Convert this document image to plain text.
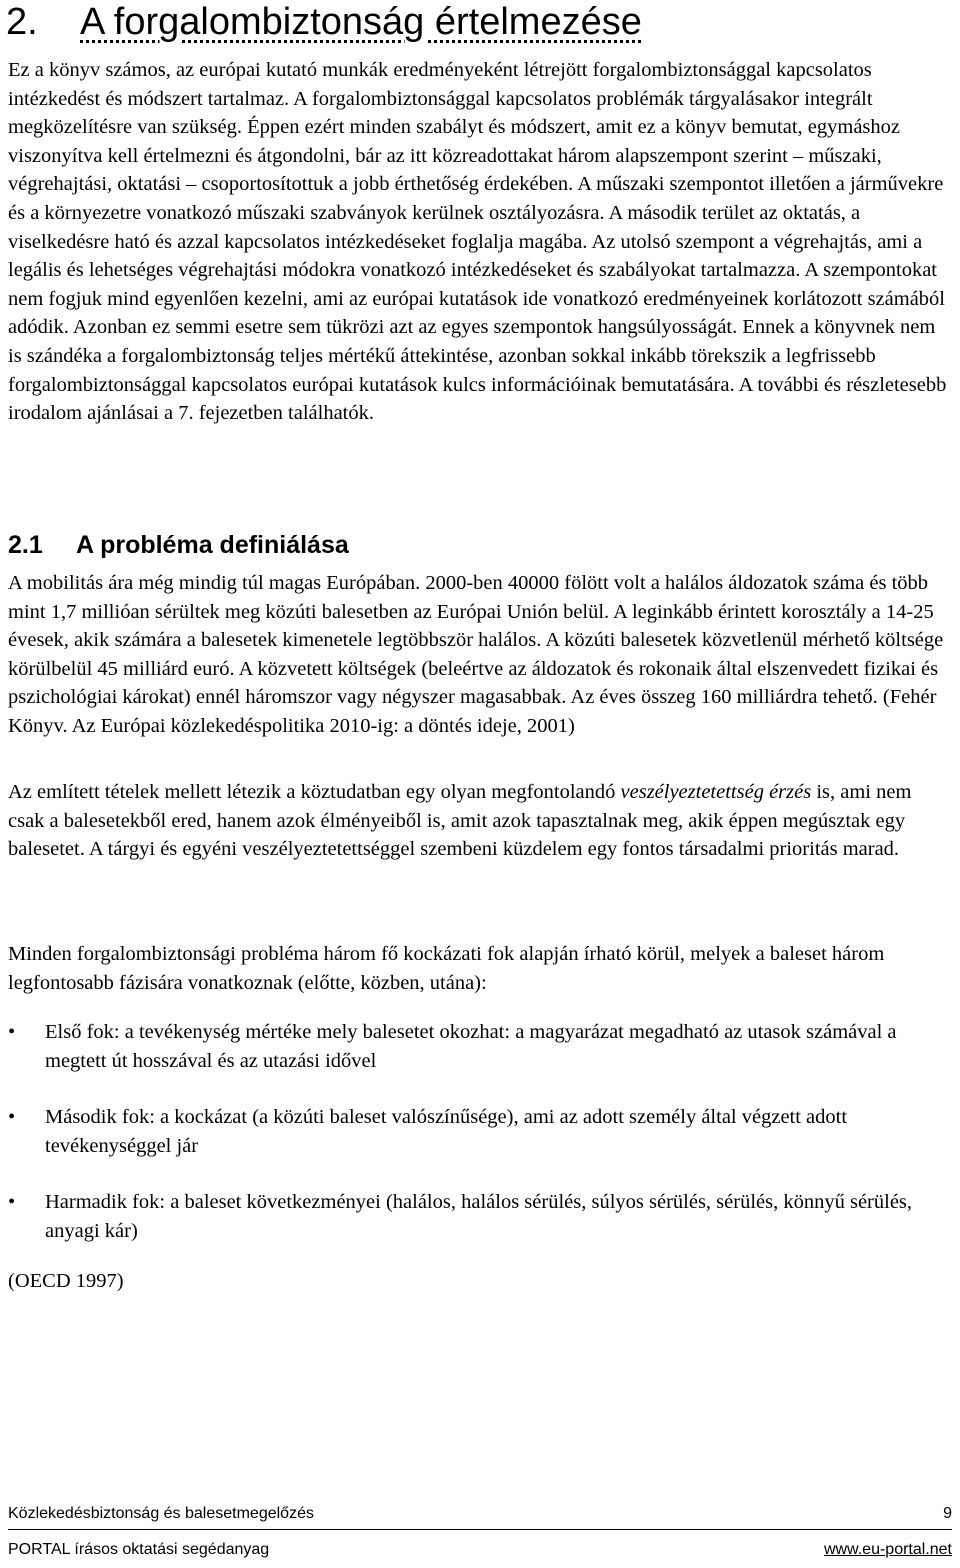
2. A forgalombiztonság értelmezése

Ez a könyv számos, az európai kutató munkák eredményeként létrejött forgalombiztonsággal kapcsolatos intézkedést és módszert tartalmaz. A forgalombiztonsággal kapcsolatos problémák tárgyalásakor integrált megközelítésre van szükség. Éppen ezért minden szabályt és módszert, amit ez a könyv bemutat, egymáshoz viszonyítva kell értelmezni és átgondolni, bár az itt közreadottakat három alapszempont szerint – műszaki, végrehajtási, oktatási – csoportosítottuk a jobb érthetőség érdekében. A műszaki szempontot illetően a járművekre és a környezetre vonatkozó műszaki szabványok kerülnek osztályozásra. A második terület az oktatás, a viselkedésre ható és azzal kapcsolatos intézkedéseket foglalja magába. Az utolsó szempont a végrehajtás, ami a legális és lehetséges végrehajtási módokra vonatkozó intézkedéseket és szabályokat tartalmazza. A szempontokat nem fogjuk mind egyenlően kezelni, ami az európai kutatások ide vonatkozó eredményeinek korlátozott számából adódik. Azonban ez semmi esetre sem tükrözi azt az egyes szempontok hangsúlyosságát. Ennek a könyvnek nem is szándéka a forgalombiztonság teljes mértékű áttekintése, azonban sokkal inkább törekszik a legfrissebb forgalombiztonsággal kapcsolatos európai kutatások kulcs információinak bemutatására. A további és részletesebb irodalom ajánlásai a 7. fejezetben találhatók.

2.1 A probléma definiálása

A mobilitás ára még mindig túl magas Európában. 2000-ben 40000 fölött volt a halálos áldozatok száma és több mint 1,7 millióan sérültek meg közúti balesetben az Európai Unión belül. A leginkább érintett korosztály a 14-25 évesek, akik számára a balesetek kimenetele legtöbbször halálos. A közúti balesetek közvetlenül mérhető költsége körülbelül 45 milliárd euró. A közvetett költségek (beleértve az áldozatok és rokonaik által elszenvedett fizikai és pszichológiai károkat) ennél háromszor vagy négyszer magasabbak. Az éves összeg 160 milliárdra tehető. (Fehér Könyv. Az Európai közlekedéspolitika 2010-ig: a döntés ideje, 2001)

Az említett tételek mellett létezik a köztudatban egy olyan megfontolandó veszélyeztetettség érzés is, ami nem csak a balesetekből ered, hanem azok élményeiből is, amit azok tapasztalnak meg, akik éppen megúsztak egy balesetet. A tárgyi és egyéni veszélyeztetettséggel szembeni küzdelem egy fontos társadalmi prioritás marad.

Minden forgalombiztonsági probléma három fő kockázati fok alapján írható körül, melyek a baleset három legfontosabb fázisára vonatkoznak (előtte, közben, utána):

• Első fok: a tevékenység mértéke mely balesetet okozhat: a magyarázat megadható az utasok számával a megtett út hosszával és az utazási idővel
• Második fok: a kockázat (a közúti baleset valószínűsége), ami az adott személy által végzett adott tevékenységgel jár
• Harmadik fok: a baleset következményei (halálos, halálos sérülés, súlyos sérülés, sérülés, könnyű sérülés, anyagi kár)

(OECD 1997)

Közlekedésbiztonság és balesetmegelőzés	9
PORTAL írásos oktatási segédanyag	www.eu-portal.net
